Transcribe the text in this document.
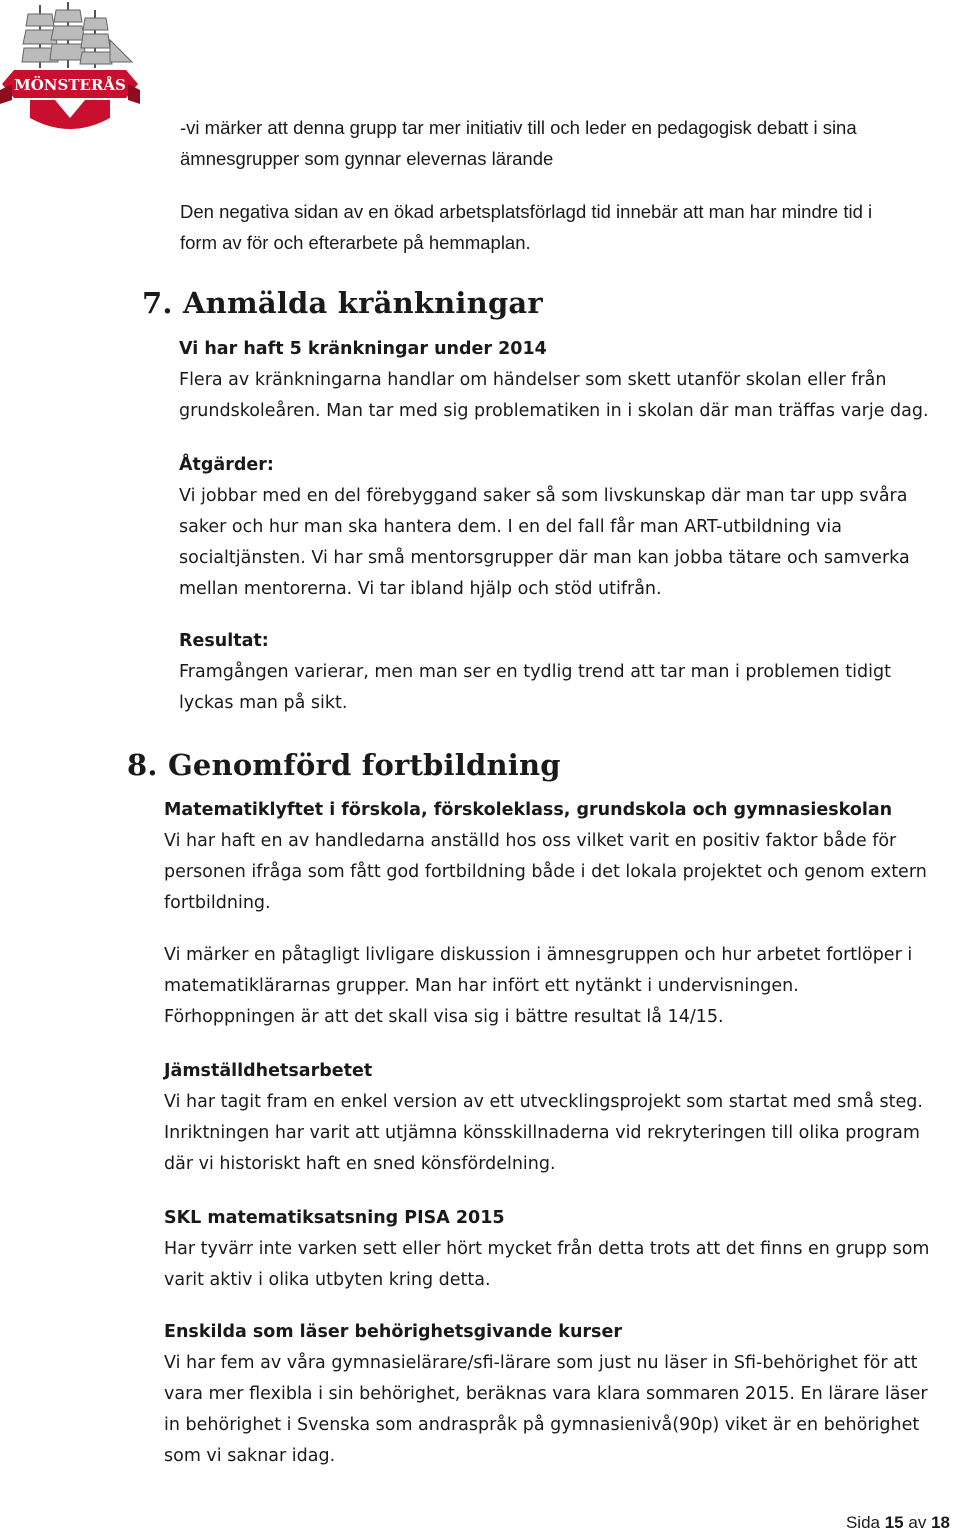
MÖNSTERÅS

-vi märker att denna grupp tar mer initiativ till och leder en pedagogisk debatt i sina
ämnesgrupper som gynnar elevernas lärande

Den negativa sidan av en ökad arbetsplatsförlagd tid innebär att man har mindre tid i
form av för och efterarbete på hemmaplan.

7. Anmälda kränkningar

Vi har haft 5 kränkningar under 2014
Flera av kränkningarna handlar om händelser som skett utanför skolan eller från
grundskoleåren. Man tar med sig problematiken in i skolan där man träffas varje dag.

Åtgärder:
Vi jobbar med en del förebyggand saker så som livskunskap där man tar upp svåra
saker och hur man ska hantera dem. I en del fall får man ART-utbildning via
socialtjänsten. Vi har små mentorsgrupper där man kan jobba tätare och samverka
mellan mentorerna. Vi tar ibland hjälp och stöd utifrån.

Resultat:
Framgången varierar, men man ser en tydlig trend att tar man i problemen tidigt
lyckas man på sikt.

8. Genomförd fortbildning

Matematiklyftet i förskola, förskoleklass, grundskola och gymnasieskolan
Vi har haft en av handledarna anställd hos oss vilket varit en positiv faktor både för
personen ifråga som fått god fortbildning både i det lokala projektet och genom extern
fortbildning.

Vi märker en påtagligt livligare diskussion i ämnesgruppen och hur arbetet fortlöper i
matematiklärarnas grupper. Man har infört ett nytänkt i undervisningen.
Förhoppningen är att det skall visa sig i bättre resultat lå 14/15.

Jämställdhetsarbetet
Vi har tagit fram en enkel version av ett utvecklingsprojekt som startat med små steg.
Inriktningen har varit att utjämna könsskillnaderna vid rekryteringen till olika program
där vi historiskt haft en sned könsfördelning.

SKL matematiksatsning PISA 2015
Har tyvärr inte varken sett eller hört mycket från detta trots att det finns en grupp som
varit aktiv i olika utbyten kring detta.

Enskilda som läser behörighetsgivande kurser
Vi har fem av våra gymnasielärare/sfi-lärare som just nu läser in Sfi-behörighet för att
vara mer flexibla i sin behörighet, beräknas vara klara sommaren 2015. En lärare läser
in behörighet i Svenska som andraspråk på gymnasienivå(90p) viket är en behörighet
som vi saknar idag.

Sida 15 av 18
